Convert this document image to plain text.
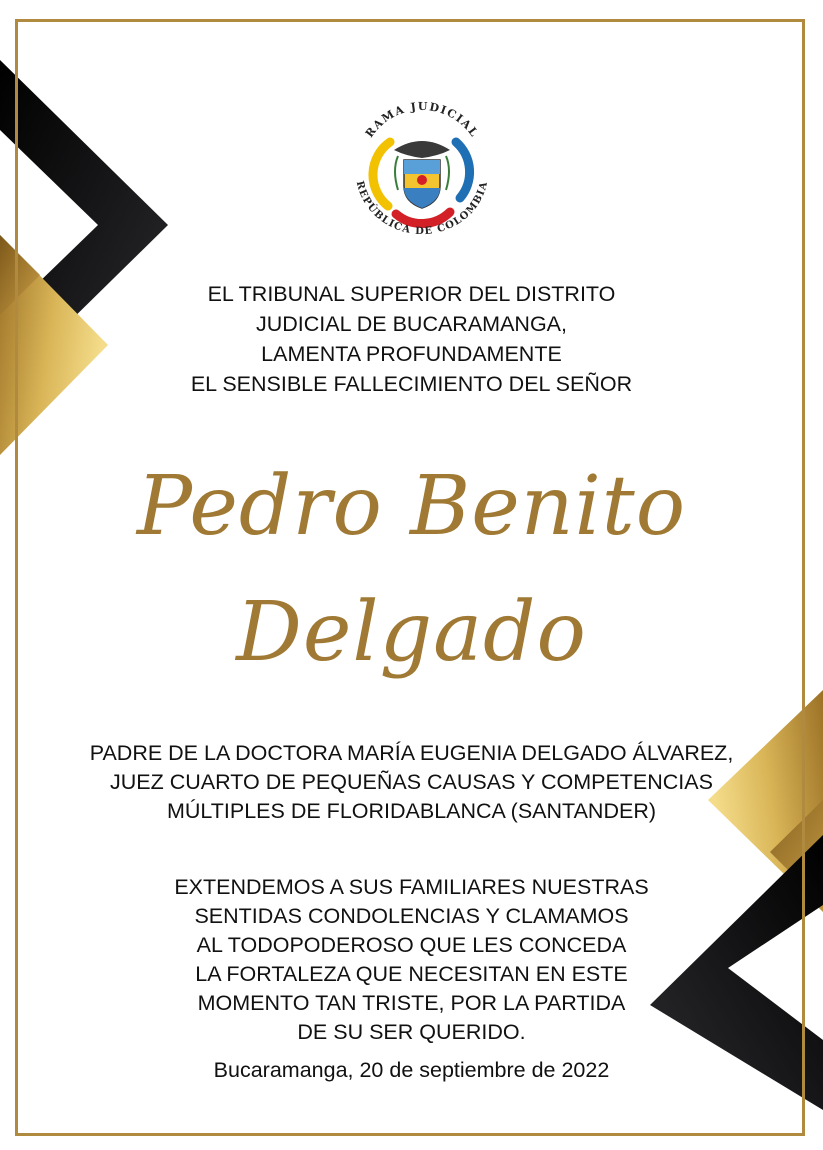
RAMA JUDICIAL
REPÚBLICA DE COLOMBIA
EL TRIBUNAL SUPERIOR DEL DISTRITO
JUDICIAL DE BUCARAMANGA,
LAMENTA PROFUNDAMENTE
EL SENSIBLE FALLECIMIENTO DEL SEÑOR
Pedro Benito
Delgado
PADRE DE LA DOCTORA MARÍA EUGENIA DELGADO ÁLVAREZ,
JUEZ CUARTO DE PEQUEÑAS CAUSAS Y COMPETENCIAS
MÚLTIPLES DE FLORIDABLANCA (SANTANDER)
EXTENDEMOS A SUS FAMILIARES NUESTRAS
SENTIDAS CONDOLENCIAS Y CLAMAMOS
AL TODOPODEROSO QUE LES CONCEDA
LA FORTALEZA QUE NECESITAN EN ESTE
MOMENTO TAN TRISTE, POR LA PARTIDA
DE SU SER QUERIDO.
Bucaramanga, 20 de septiembre de 2022
